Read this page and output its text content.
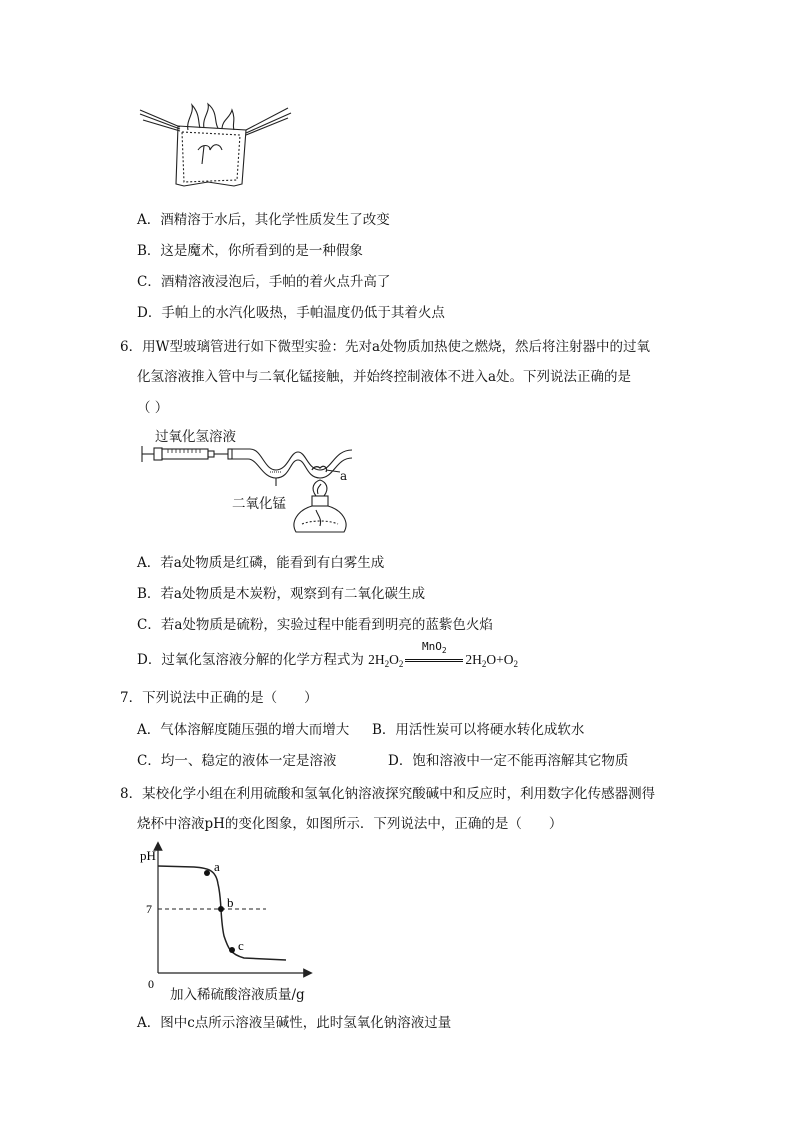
A．酒精溶于水后，其化学性质发生了改变
B．这是魔术，你所看到的是一种假象
C．酒精溶液浸泡后，手帕的着火点升高了
D．手帕上的水汽化吸热，手帕温度仍低于其着火点
6．用W型玻璃管进行如下微型实验：先对a处物质加热使之燃烧，然后将注射器中的过氧
化氢溶液推入管中与二氧化锰接触，并始终控制液体不进入a处。下列说法正确的是
（ ）
过氧化氢溶液
二氧化锰
a
A．若a处物质是红磷，能看到有白雾生成
B．若a处物质是木炭粉，观察到有二氧化碳生成
C．若a处物质是硫粉，实验过程中能看到明亮的蓝紫色火焰
D．过氧化氢溶液分解的化学方程式为 $2H_2O_2$
MnO$_2$
$2H_2O+O_2$
7．下列说法中正确的是（　　）
A．气体溶解度随压强的增大而增大 B．用活性炭可以将硬水转化成软水
C．均一、稳定的液体一定是溶液	D．饱和溶液中一定不能再溶解其它物质
8．某校化学小组在利用硫酸和氢氧化钠溶液探究酸碱中和反应时，利用数字化传感器测得
烧杯中溶液pH的变化图象，如图所示．下列说法中，正确的是（　　）
pH
0
7
a
b
c
加入稀硫酸溶液质量/g
A．图中c点所示溶液呈碱性，此时氢氧化钠溶液过量
